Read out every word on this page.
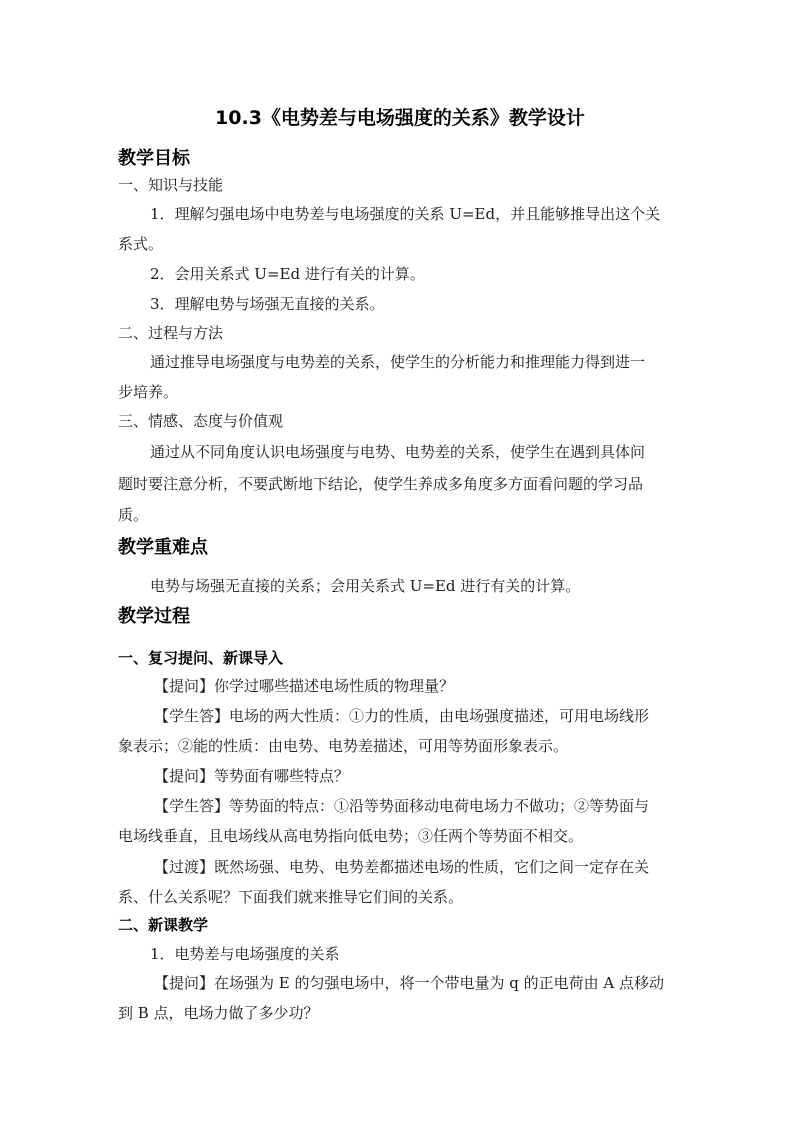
10.3《电势差与电场强度的关系》教学设计
教学目标
一、知识与技能
1．理解匀强电场中电势差与电场强度的关系 U=Ed，并且能够推导出这个关
系式。
2．会用关系式 U=Ed 进行有关的计算。
3．理解电势与场强无直接的关系。
二、过程与方法
通过推导电场强度与电势差的关系，使学生的分析能力和推理能力得到进一
步培养。
三、情感、态度与价值观
通过从不同角度认识电场强度与电势、电势差的关系，使学生在遇到具体问
题时要注意分析，不要武断地下结论，使学生养成多角度多方面看问题的学习品
质。
教学重难点
电势与场强无直接的关系；会用关系式 U=Ed 进行有关的计算。
教学过程
一、复习提问、新课导入
【提问】你学过哪些描述电场性质的物理量？
【学生答】电场的两大性质：①力的性质，由电场强度描述，可用电场线形
象表示；②能的性质：由电势、电势差描述，可用等势面形象表示。
【提问】等势面有哪些特点？
【学生答】等势面的特点：①沿等势面移动电荷电场力不做功；②等势面与
电场线垂直，且电场线从高电势指向低电势；③任两个等势面不相交。
【过渡】既然场强、电势、电势差都描述电场的性质，它们之间一定存在关
系、什么关系呢？下面我们就来推导它们间的关系。
二、新课教学
1．电势差与电场强度的关系
【提问】在场强为 E 的匀强电场中，将一个带电量为 q 的正电荷由 A 点移动
到 B 点，电场力做了多少功？
